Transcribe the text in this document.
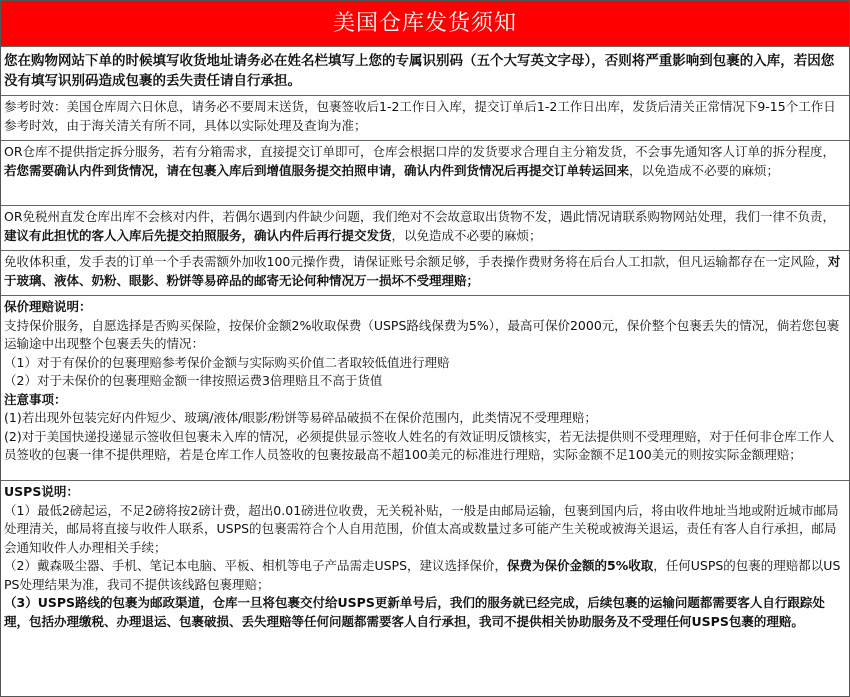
美国仓库发货须知
您在购物网站下单的时候填写收货地址请务必在姓名栏填写上您的专属识别码（五个大写英文字母），否则将严重影响到包裹的入库，若因您没有填写识别码造成包裹的丢失责任请自行承担。
参考时效：美国仓库周六日休息，请务必不要周末送货，包裹签收后1-2工作日入库，提交订单后1-2工作日出库，发货后清关正常情况下9-15个工作日参考时效，由于海关清关有所不同，具体以实际处理及查询为准；
OR仓库不提供指定拆分服务，若有分箱需求，直接提交订单即可，仓库会根据口岸的发货要求合理自主分箱发货，不会事先通知客人订单的拆分程度，若您需要确认内件到货情况，请在包裹入库后到增值服务提交拍照申请，确认内件到货情况后再提交订单转运回来，以免造成不必要的麻烦；
OR免税州直发仓库出库不会核对内件，若偶尔遇到内件缺少问题，我们绝对不会故意取出货物不发，遇此情况请联系购物网站处理，我们一律不负责，建议有此担忧的客人入库后先提交拍照服务，确认内件后再行提交发货，以免造成不必要的麻烦；
免收体积重，发手表的订单一个手表需额外加收100元操作费，请保证账号余额足够，手表操作费财务将在后台人工扣款，但凡运输都存在一定风险，对于玻璃、液体、奶粉、眼影、粉饼等易碎品的邮寄无论何种情况万一损坏不受理理赔；
保价理赔说明：
支持保价服务，自愿选择是否购买保险，按保价金额2%收取保费（USPS路线保费为5%），最高可保价2000元，保价整个包裹丢失的情况，倘若您包裹运输途中出现整个包裹丢失的情况：
（1）对于有保价的包裹理赔参考保价金额与实际购买价值二者取较低值进行理赔
（2）对于未保价的包裹理赔金额一律按照运费3倍理赔且不高于货值
注意事项：
(1)若出现外包装完好内件短少、玻璃/液体/眼影/粉饼等易碎品破损不在保价范围内，此类情况不受理理赔；
(2)对于美国快递投递显示签收但包裹未入库的情况，必须提供显示签收人姓名的有效证明反馈核实，若无法提供则不受理理赔，对于任何非仓库工作人员签收的包裹一律不提供理赔，若是仓库工作人员签收的包裹按最高不超100美元的标准进行理赔，实际金额不足100美元的则按实际金额理赔；
USPS说明：
（1）最低2磅起运，不足2磅将按2磅计费，超出0.01磅进位收费，无关税补贴，一般是由邮局运输，包裹到国内后，将由收件地址当地或附近城市邮局处理清关，邮局将直接与收件人联系，USPS的包裹需符合个人自用范围，价值太高或数量过多可能产生关税或被海关退运，责任有客人自行承担，邮局会通知收件人办理相关手续；
（2）戴森吸尘器、手机、笔记本电脑、平板、相机等电子产品需走USPS，建议选择保价，保费为保价金额的5%收取，任何USPS的包裹的理赔都以USPS处理结果为准，我司不提供该线路包裹理赔；
（3）USPS路线的包裹为邮政渠道，仓库一旦将包裹交付给USPS更新单号后，我们的服务就已经完成，后续包裹的运输问题都需要客人自行跟踪处理，包括办理缴税、办理退运、包裹破损、丢失理赔等任何问题都需要客人自行承担，我司不提供相关协助服务及不受理任何USPS包裹的理赔。
